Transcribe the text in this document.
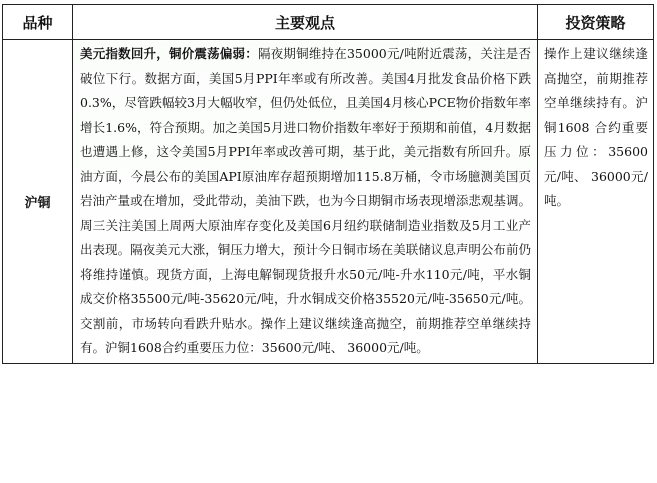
品种	主要观点	投资策略
沪铜	美元指数回升，铜价震荡偏弱：隔夜期铜维持在35000元/吨附近震荡，关注是否破位下行。数据方面，美国5月PPI年率或有所改善。美国4月批发食品价格下跌0.3%，尽管跌幅较3月大幅收窄，但仍处低位，且美国4月核心PCE物价指数年率增长1.6%，符合预期。加之美国5月进口物价指数年率好于预期和前值，4月数据也遭遇上修，这令美国5月PPI年率或改善可期，基于此，美元指数有所回升。原油方面，今晨公布的美国API原油库存超预期增加115.8万桶，令市场臆测美国页岩油产量或在增加，受此带动，美油下跌，也为今日期铜市场表现增添悲观基调。周三关注美国上周两大原油库存变化及美国6月纽约联储制造业指数及5月工业产出表现。隔夜美元大涨，铜压力增大，预计今日铜市场在美联储议息声明公布前仍将维持谨慎。现货方面，上海电解铜现货报升水50元/吨-升水110元/吨，平水铜成交价格35500元/吨-35620元/吨，升水铜成交价格35520元/吨-35650元/吨。交割前，市场转向看跌升贴水。操作上建议继续逢高抛空，前期推荐空单继续持有。沪铜1608合约重要压力位：35600元/吨、 36000元/吨。	操作上建议继续逢高抛空，前期推荐空单继续持有。沪铜1608 合约重要压力位：35600元/吨、 36000元/吨。
